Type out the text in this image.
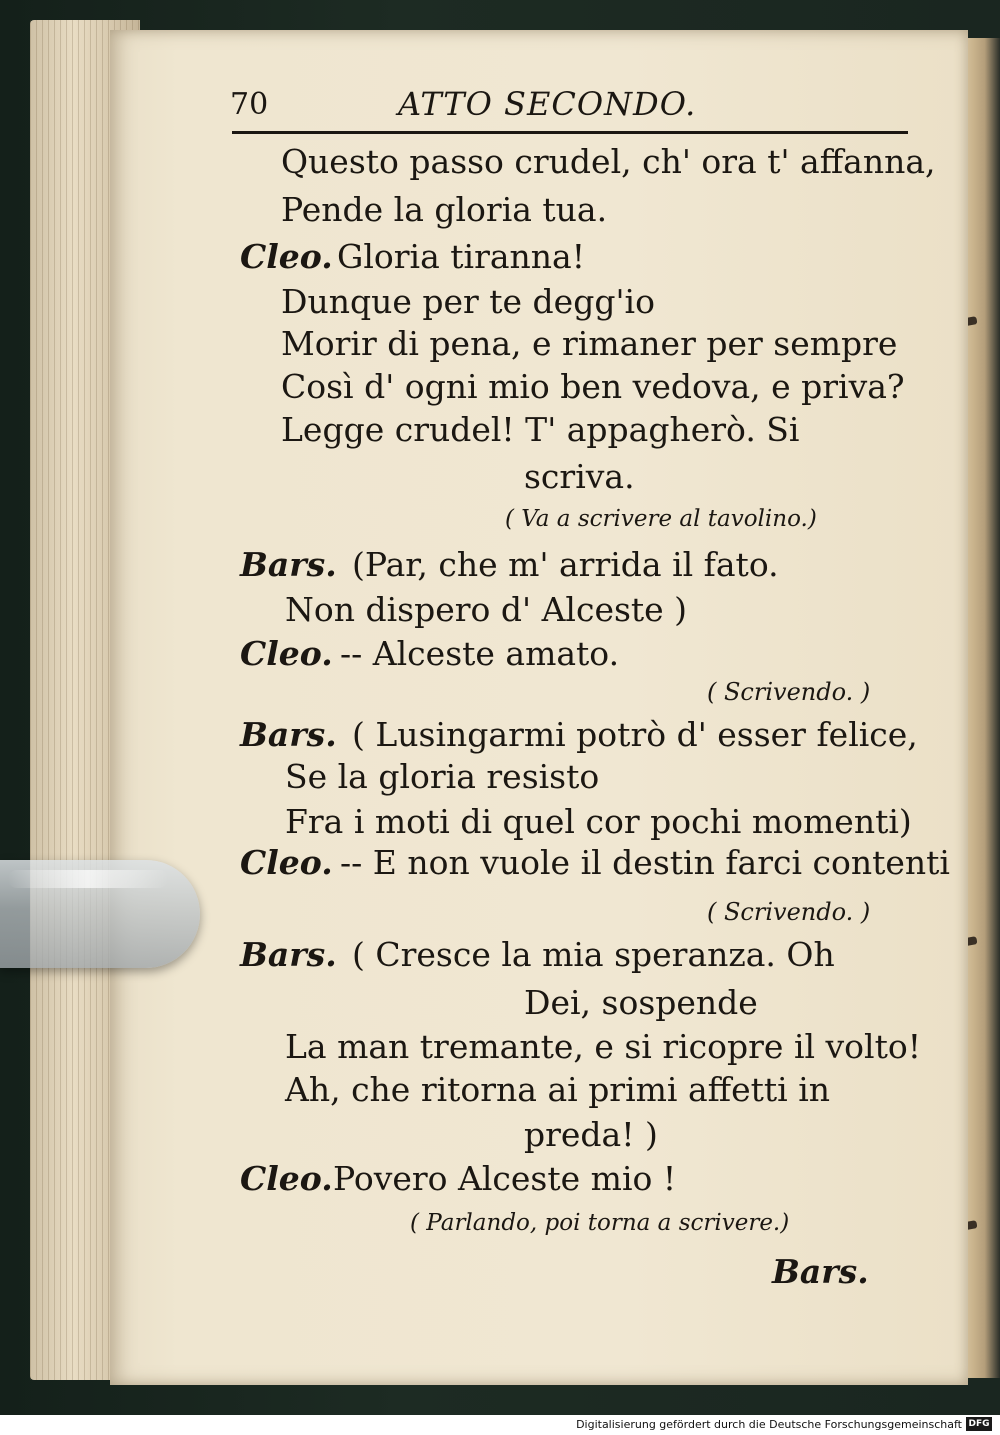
70	ATTO SECONDO.
Questo passo crudel, ch' ora t' affanna,
Pende la gloria tua.
Cleo. Gloria tiranna!
Dunque per te degg'io
Morir di pena, e rimaner per sempre
Così d' ogni mio ben vedova, e priva?
Legge crudel! T' appagherò. Si
scriva.
( Va a scrivere al tavolino.)
Bars. (Par, che m' arrida il fato.
Non dispero d' Alceste )
Cleo. -- Alceste amato.
( Scrivendo. )
Bars. ( Lusingarmi potrò d' esser felice,
Se la gloria resisto
Fra i moti di quel cor pochi momenti)
Cleo. -- E non vuole il destin farci contenti
( Scrivendo. )
Bars. ( Cresce la mia speranza. Oh
Dei, sospende
La man tremante, e si ricopre il volto!
Ah, che ritorna ai primi affetti in
preda! )
Cleo. Povero Alceste mio !
( Parlando, poi torna a scrivere.)
Bars.
Digitalisierung gefördert durch die Deutsche Forschungsgemeinschaft DFG
